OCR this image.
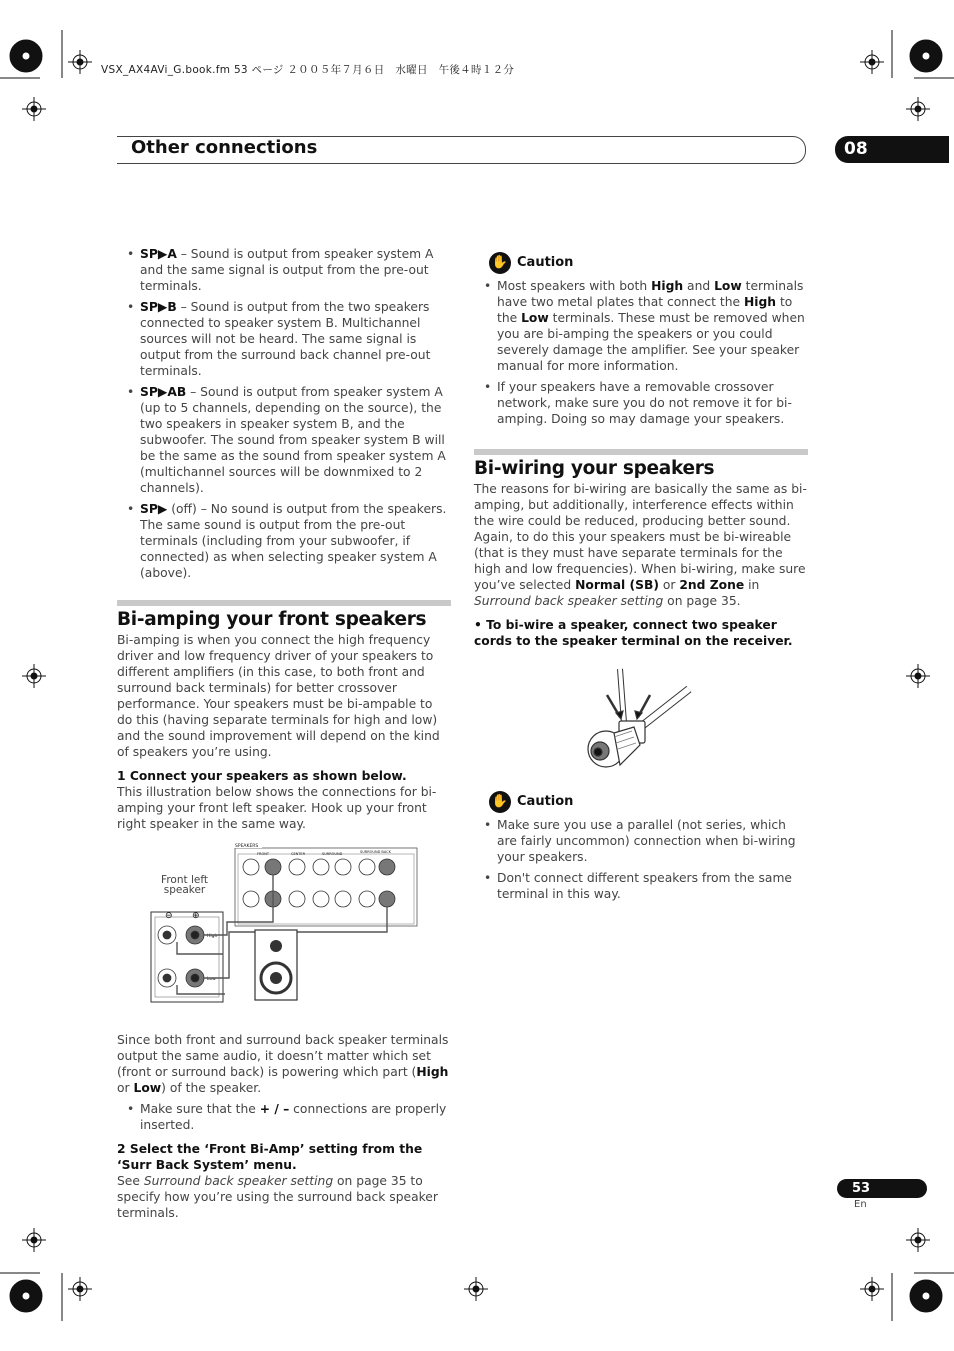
VSX_AX4AVi_G.book.fm 53 ページ ２００５年７月６日　水曜日　午後４時１２分
Other connections	08
• SP▶A – Sound is output from speaker system A and the same signal is output from the pre-out terminals.
• SP▶B – Sound is output from the two speakers connected to speaker system B. Multichannel sources will not be heard. The same signal is output from the surround back channel pre-out terminals.
• SP▶AB – Sound is output from speaker system A (up to 5 channels, depending on the source), the two speakers in speaker system B, and the subwoofer. The sound from speaker system B will be the same as the sound from speaker system A (multichannel sources will be downmixed to 2 channels).
• SP▶ (off) – No sound is output from the speakers. The same sound is output from the pre-out terminals (including from your subwoofer, if connected) as when selecting speaker system A (above).
Bi-amping your front speakers

Bi-amping is when you connect the high frequency driver and low frequency driver of your speakers to different amplifiers (in this case, to both front and surround back terminals) for better crossover performance. Your speakers must be bi-ampable to do this (having separate terminals for high and low) and the sound improvement will depend on the kind of speakers you’re using.

1 Connect your speakers as shown below.

This illustration below shows the connections for bi-amping your front left speaker. Hook up your front right speaker in the same way.

SPEAKERS
FRONT	CENTER	SURROUND	SURROUND BACK
⊖ ⊕
High
Low
Front left
speaker

Since both front and surround back speaker terminals output the same audio, it doesn’t matter which set (front or surround back) is powering which part (High or Low) of the speaker.

• Make sure that the + / – connections are properly inserted.

2 Select the ‘Front Bi-Amp’ setting from the ‘Surr Back System’ menu.

See Surround back speaker setting on page 35 to specify how you’re using the surround back speaker terminals.

✋ Caution
• Most speakers with both High and Low terminals have two metal plates that connect the High to the Low terminals. These must be removed when you are bi-amping the speakers or you could severely damage the amplifier. See your speaker manual for more information.
• If your speakers have a removable crossover network, make sure you do not remove it for bi-amping. Doing so may damage your speakers.
Bi-wiring your speakers

The reasons for bi-wiring are basically the same as bi-amping, but additionally, interference effects within the wire could be reduced, producing better sound. Again, to do this your speakers must be bi-wireable (that is they must have separate terminals for the high and low frequencies). When bi-wiring, make sure you’ve selected Normal (SB) or 2nd Zone in Surround back speaker setting on page 35.

• To bi-wire a speaker, connect two speaker cords to the speaker terminal on the receiver.

✋ Caution
• Make sure you use a parallel (not series, which are fairly uncommon) connection when bi-wiring your speakers.
• Don't connect different speakers from the same terminal in this way.
53
En
